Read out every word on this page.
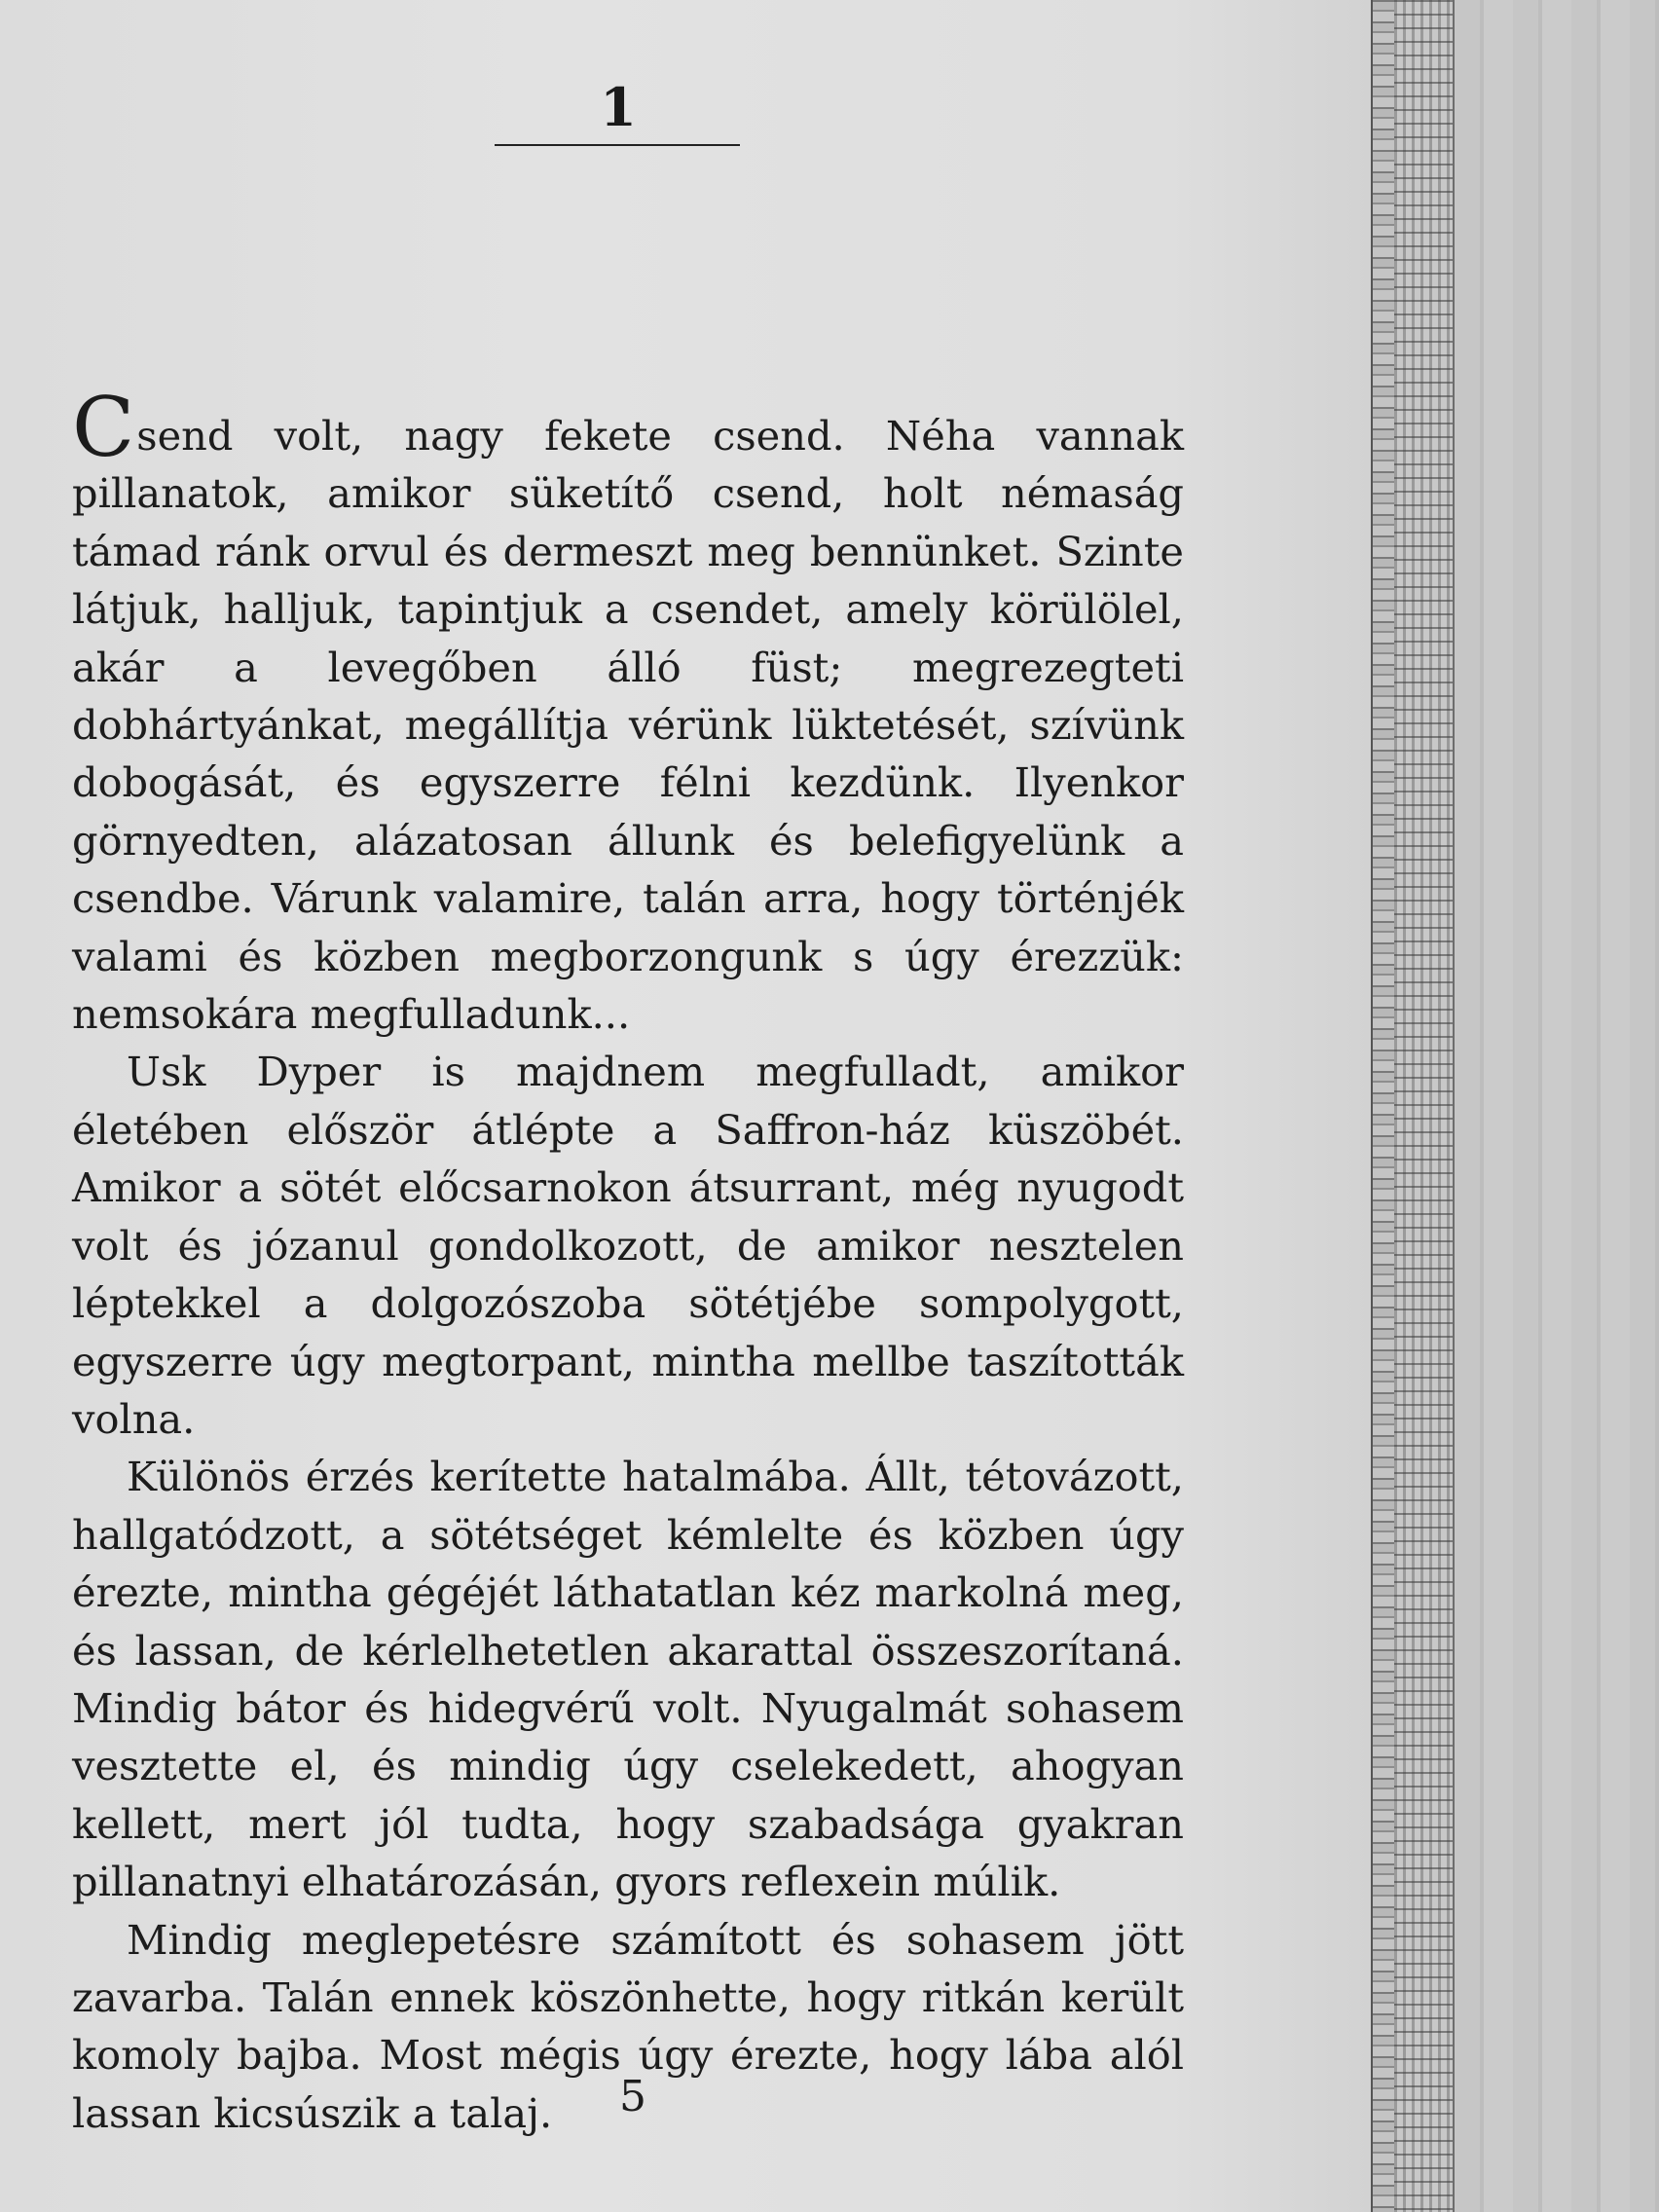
1

Csend volt, nagy fekete csend. Néha vannak pillanatok, amikor süketítő csend, holt némaság támad ránk orvul és dermeszt meg bennünket. Szinte látjuk, halljuk, tapintjuk a csendet, amely körülölel, akár a levegőben álló füst; megrezegteti dobhártyánkat, megállítja vérünk lüktetését, szívünk dobogását, és egyszerre félni kezdünk. Ilyenkor görnyedten, alázatosan állunk és belefigyelünk a csendbe. Várunk valamire, talán arra, hogy történjék valami és közben megborzongunk s úgy érezzük: nemsokára megfulladunk...

Usk Dyper is majdnem megfulladt, amikor életében először átlépte a Saffron-ház küszöbét. Amikor a sötét előcsarnokon átsurrant, még nyugodt volt és józanul gondolkozott, de amikor nesztelen léptekkel a dolgozószoba sötétjébe sompolygott, egyszerre úgy megtorpant, mintha mellbe taszították volna.

Különös érzés kerítette hatalmába. Állt, tétovázott, hallgatódzott, a sötétséget kémlelte és közben úgy érezte, mintha gégéjét láthatatlan kéz markolná meg, és lassan, de kérlelhetetlen akarattal összeszorítaná. Mindig bátor és hidegvérű volt. Nyugalmát sohasem vesztette el, és mindig úgy cselekedett, ahogyan kellett, mert jól tudta, hogy szabadsága gyakran pillanatnyi elhatározásán, gyors reflexein múlik.

Mindig meglepetésre számított és sohasem jött zavarba. Talán ennek köszönhette, hogy ritkán került komoly bajba. Most mégis úgy érezte, hogy lába alól lassan kicsúszik a talaj.	5
